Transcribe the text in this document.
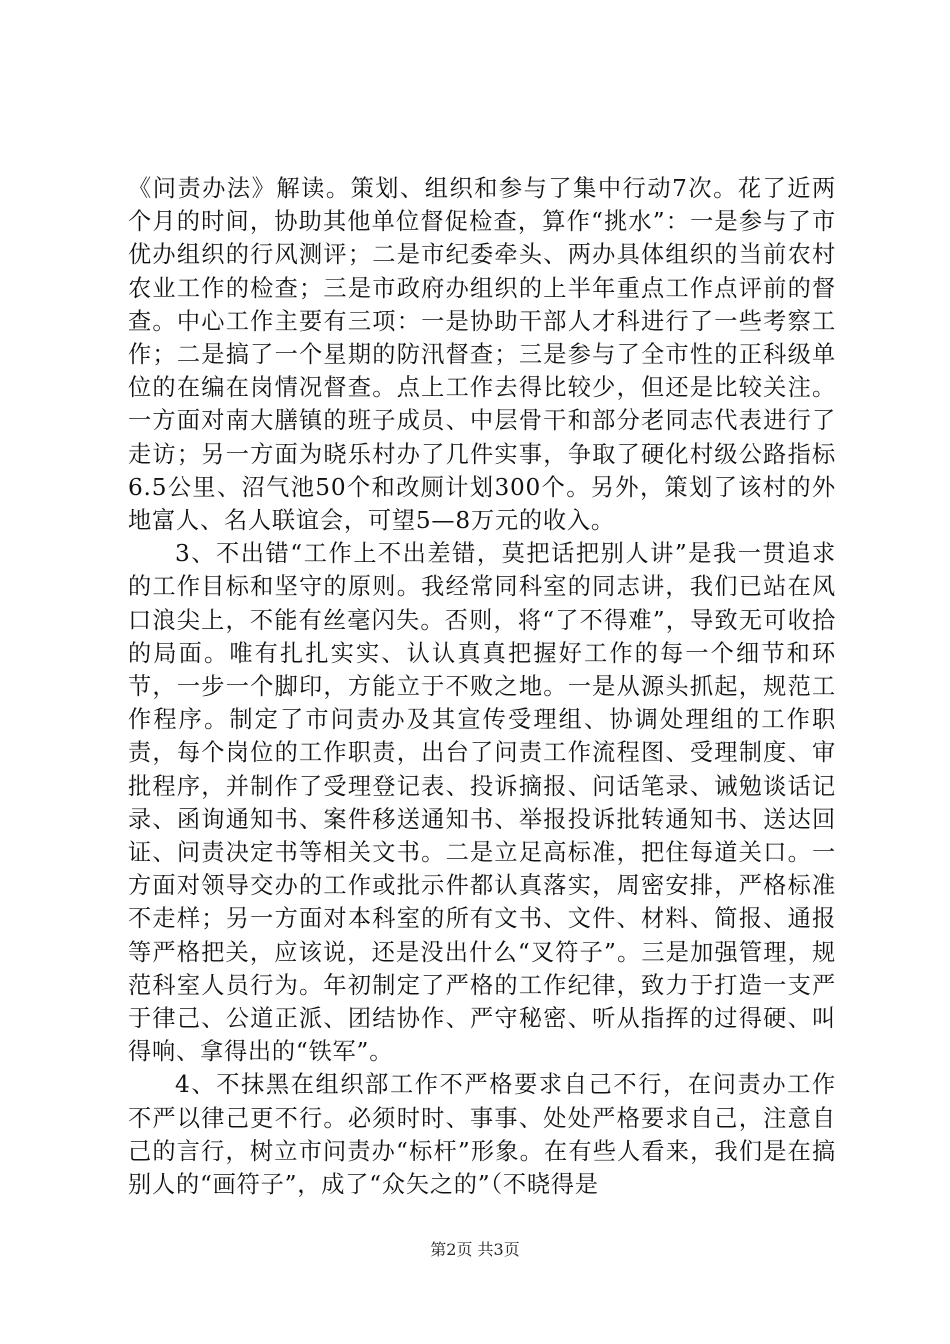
《问责办法》解读。策划、组织和参与了集中行动7次。花了近两个月的时间，协助其他单位督促检查，算作“挑水”：一是参与了市优办组织的行风测评；二是市纪委牵头、两办具体组织的当前农村农业工作的检查；三是市政府办组织的上半年重点工作点评前的督查。中心工作主要有三项：一是协助干部人才科进行了一些考察工作；二是搞了一个星期的防汛督查；三是参与了全市性的正科级单位的在编在岗情况督查。点上工作去得比较少，但还是比较关注。一方面对南大膳镇的班子成员、中层骨干和部分老同志代表进行了走访；另一方面为晓乐村办了几件实事，争取了硬化村级公路指标6.5公里、沼气池50个和改厕计划300个。另外，策划了该村的外地富人、名人联谊会，可望5—8万元的收入。

3、不出错“工作上不出差错，莫把话把别人讲”是我一贯追求的工作目标和坚守的原则。我经常同科室的同志讲，我们已站在风口浪尖上，不能有丝毫闪失。否则，将“了不得难”，导致无可收拾的局面。唯有扎扎实实、认认真真把握好工作的每一个细节和环节，一步一个脚印，方能立于不败之地。一是从源头抓起，规范工作程序。制定了市问责办及其宣传受理组、协调处理组的工作职责，每个岗位的工作职责，出台了问责工作流程图、受理制度、审批程序，并制作了受理登记表、投诉摘报、问话笔录、诫勉谈话记录、函询通知书、案件移送通知书、举报投诉批转通知书、送达回证、问责决定书等相关文书。二是立足高标准，把住每道关口。一方面对领导交办的工作或批示件都认真落实，周密安排，严格标准不走样；另一方面对本科室的所有文书、文件、材料、简报、通报等严格把关，应该说，还是没出什么“叉符子”。三是加强管理，规范科室人员行为。年初制定了严格的工作纪律，致力于打造一支严于律己、公道正派、团结协作、严守秘密、听从指挥的过得硬、叫得响、拿得出的“铁军”。

4、不抹黑在组织部工作不严格要求自己不行，在问责办工作不严以律己更不行。必须时时、事事、处处严格要求自己，注意自己的言行，树立市问责办“标杆”形象。在有些人看来，我们是在搞别人的“画符子”，成了“众矢之的”（不晓得是

第2页 共3页
